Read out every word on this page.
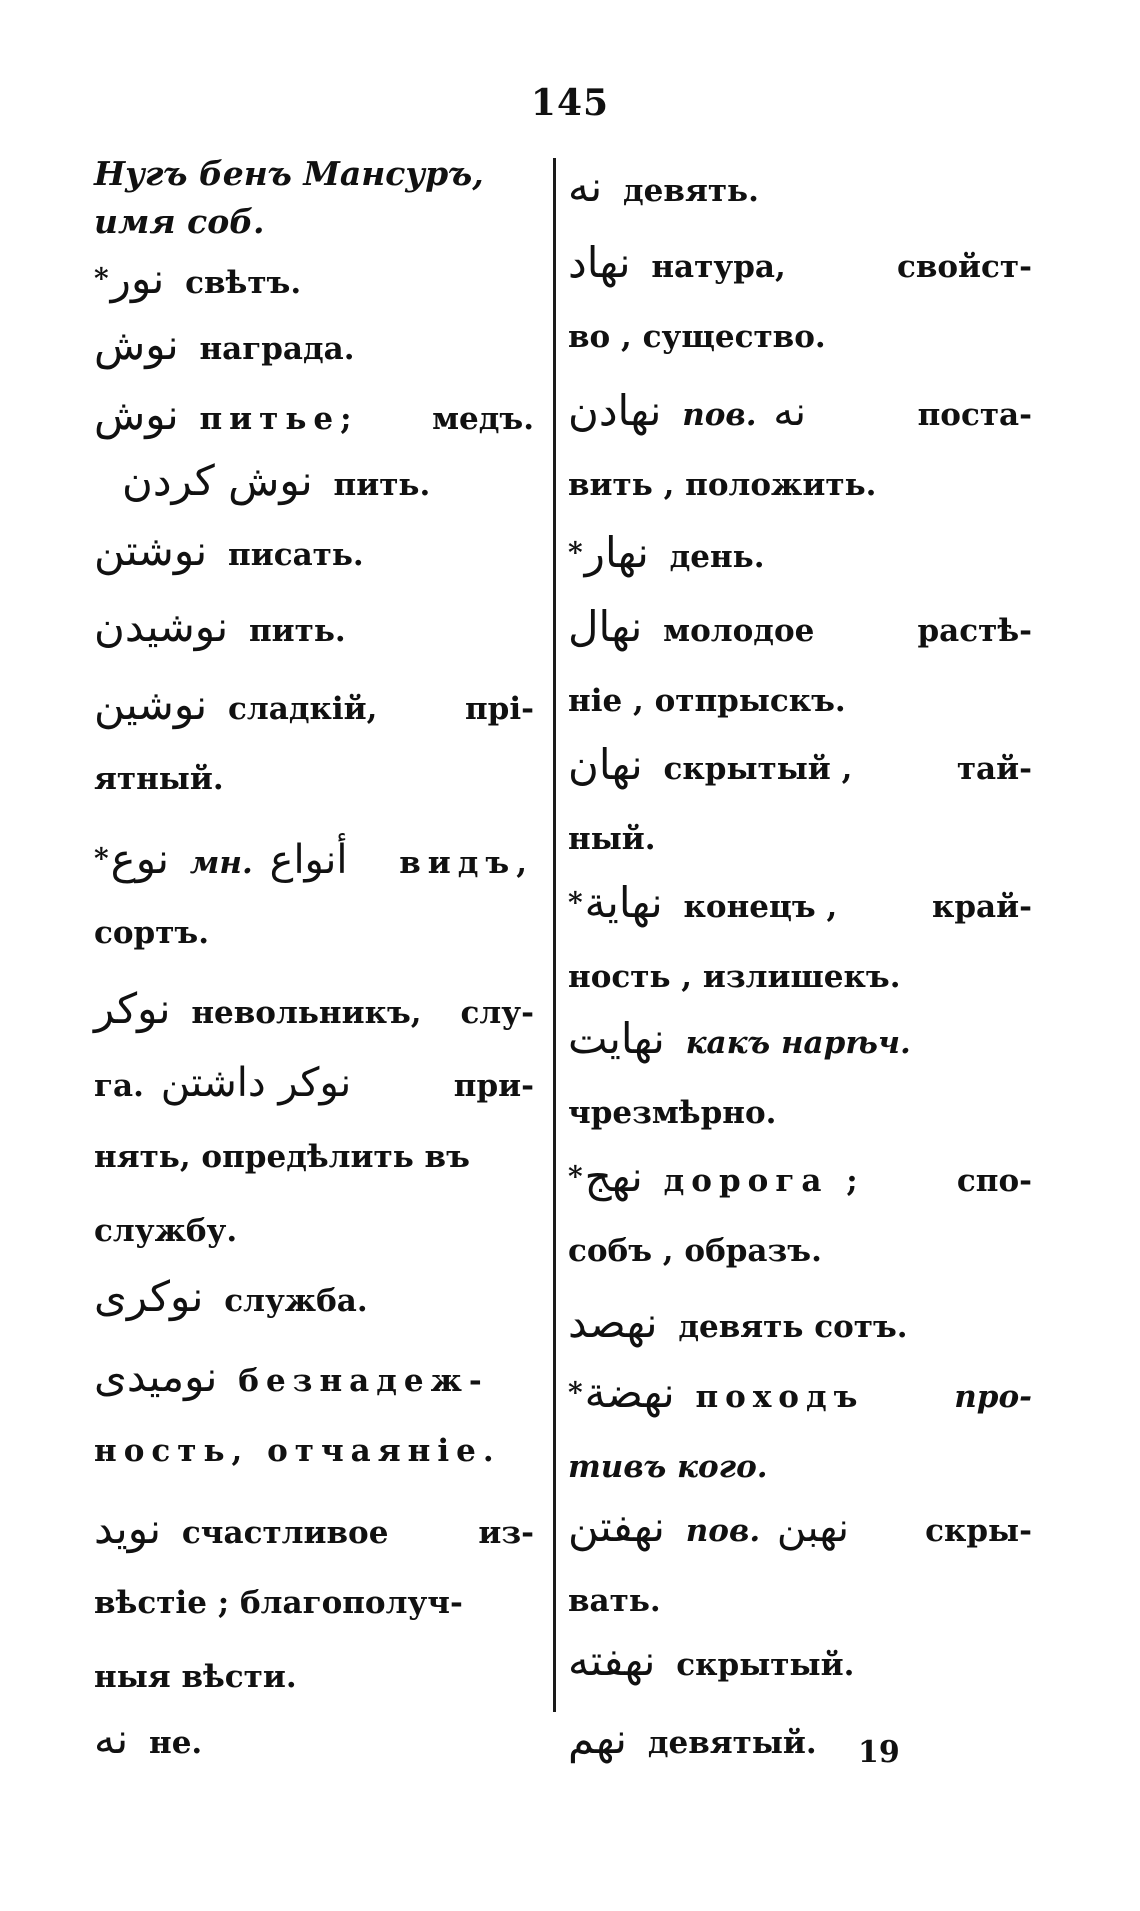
145
Нугъ бенъ Мансуръ,
имя соб.
*نور свѣтъ.
نوش награда.
نوش питье; медъ.
نوش كردن пить.
نوشتن писать.
نوشيدن пить.
نوشين сладкій,	прі-
ятный.
*نوع мн. أنواع видъ,
сортъ.
نوكر невольникъ, слу-
га. نوكر داشتن	при-
нять, опредѣлить въ
службу.
نوكرى служба.
نوميدى безнадеж-
ность, отчаяніе.
نويد счастливое	из-
вѣстіе ; благополуч-
ныя вѣсти.
نه не.
نه девять.
نهاد натура,	свойст-
во , существо.
نهادن пов. نه	поста-
вить , положить.
*نهار день.
نهال молодое	растѣ-
ніе , отпрыскъ.
نهان скрытый ,	тай-
ный.
*نهاية конецъ ,	край-
ность , излишекъ.
نهايت какъ нарѣч.
чрезмѣрно.
*نهج дорога ;	спо-
собъ , образъ.
نهصد девять сотъ.
*نهضة походъ	про-
тивъ кого.
نهفتن пов. نهبن скры-
вать.
نهفته скрытый.
نهم девятый.	19
